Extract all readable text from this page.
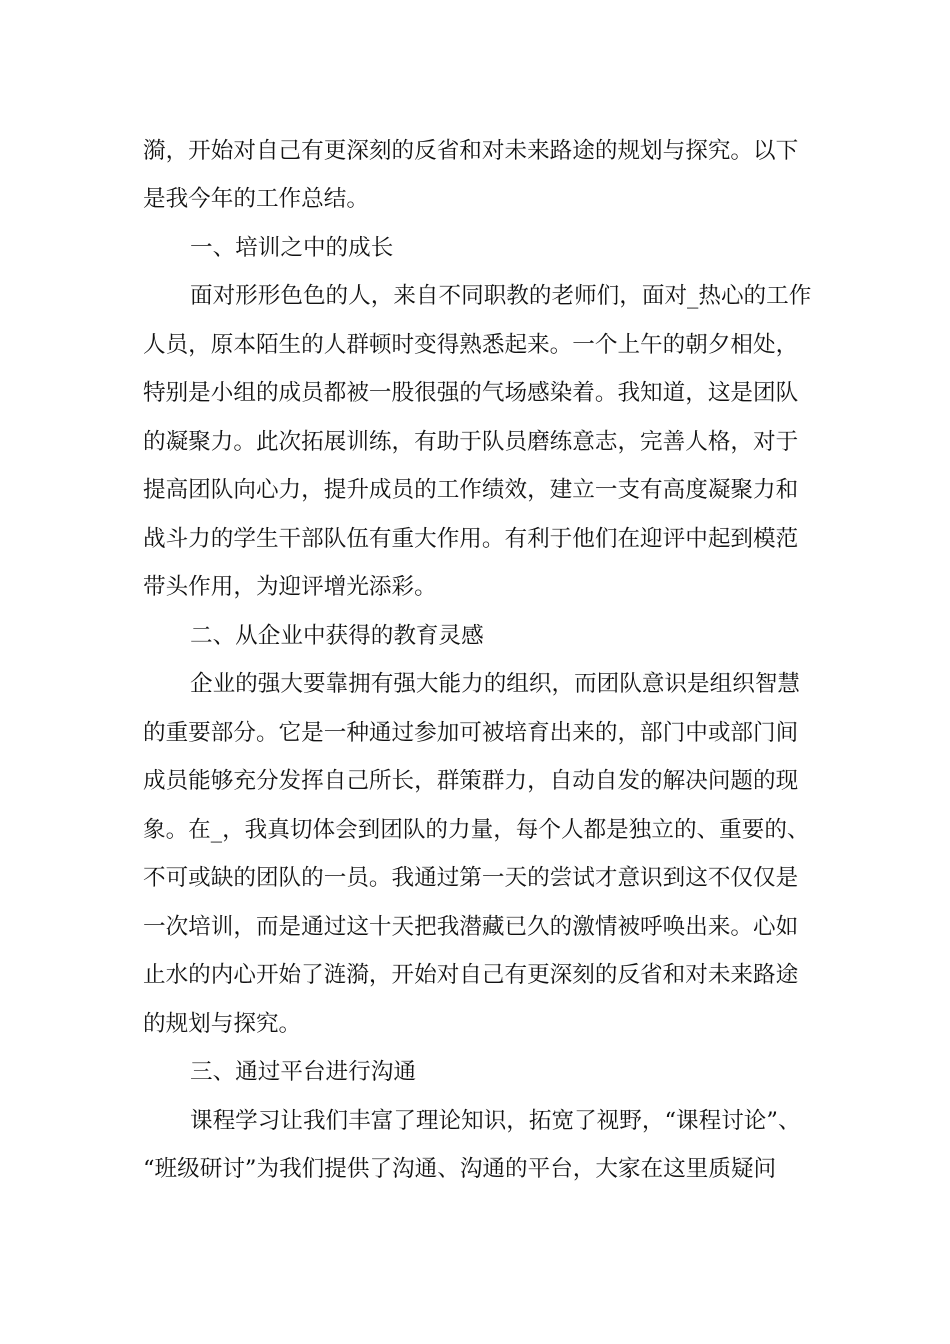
漪，开始对自己有更深刻的反省和对未来路途的规划与探究。以下
是我今年的工作总结。
一、培训之中的成长
面对形形色色的人，来自不同职教的老师们，面对_热心的工作
人员，原本陌生的人群顿时变得熟悉起来。一个上午的朝夕相处，
特别是小组的成员都被一股很强的气场感染着。我知道，这是团队
的凝聚力。此次拓展训练，有助于队员磨练意志，完善人格，对于
提高团队向心力，提升成员的工作绩效，建立一支有高度凝聚力和
战斗力的学生干部队伍有重大作用。有利于他们在迎评中起到模范
带头作用，为迎评增光添彩。
二、从企业中获得的教育灵感
企业的强大要靠拥有强大能力的组织，而团队意识是组织智慧
的重要部分。它是一种通过参加可被培育出来的，部门中或部门间
成员能够充分发挥自己所长，群策群力，自动自发的解决问题的现
象。在_，我真切体会到团队的力量，每个人都是独立的、重要的、
不可或缺的团队的一员。我通过第一天的尝试才意识到这不仅仅是
一次培训，而是通过这十天把我潜藏已久的激情被呼唤出来。心如
止水的内心开始了涟漪，开始对自己有更深刻的反省和对未来路途
的规划与探究。
三、通过平台进行沟通
课程学习让我们丰富了理论知识，拓宽了视野，“课程讨论”、
“班级研讨”为我们提供了沟通、沟通的平台，大家在这里质疑问
